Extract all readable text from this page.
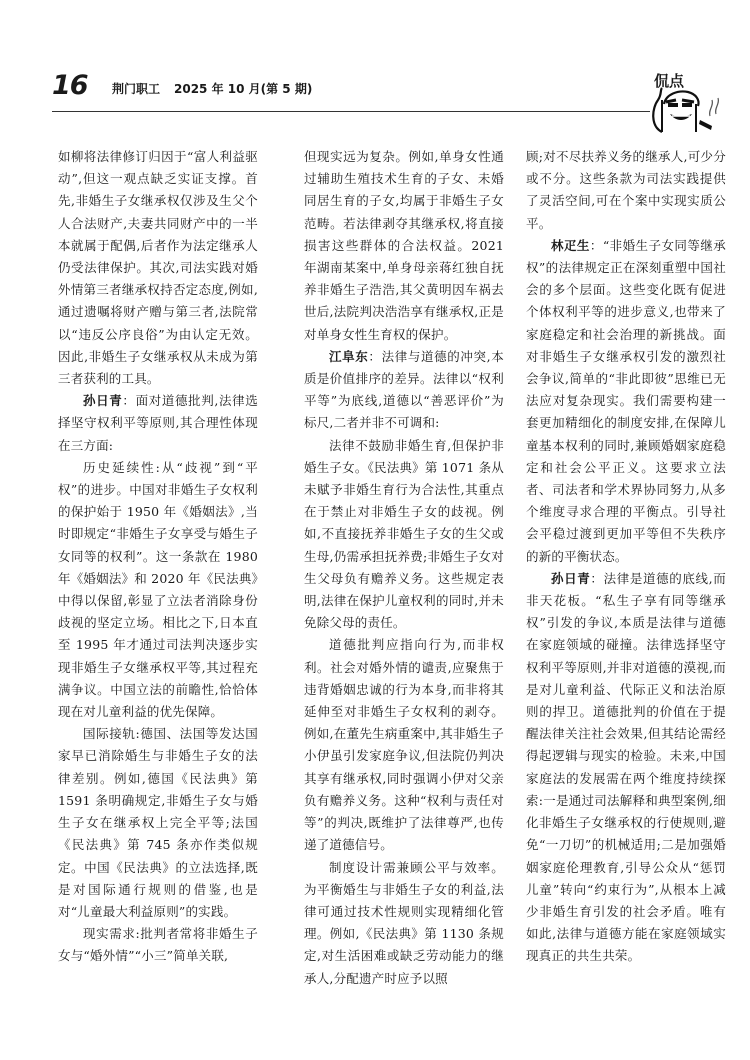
16 荆门职工 2025 年 10 月(第 5 期)	侃点

如柳将法律修订归因于“富人利益驱动”,但这一观点缺乏实证支撑。首先,非婚生子女继承权仅涉及生父个人合法财产,夫妻共同财产中的一半本就属于配偶,后者作为法定继承人仍受法律保护。其次,司法实践对婚外情第三者继承权持否定态度,例如,通过遗嘱将财产赠与第三者,法院常以“违反公序良俗”为由认定无效。因此,非婚生子女继承权从未成为第三者获利的工具。

孙日青 ： 面对道德批判,法律选择坚守权利平等原则,其合理性体现在三方面:

历史延续性:从“歧视”到“平权”的进步。中国对非婚生子女权利的保护始于 1950 年《婚姻法》,当时即规定“非婚生子女享受与婚生子女同等的权利”。这一条款在 1980 年《婚姻法》和 2020 年《民法典》中得以保留,彰显了立法者消除身份歧视的坚定立场。相比之下,日本直至 1995 年才通过司法判决逐步实现非婚生子女继承权平等,其过程充满争议。中国立法的前瞻性,恰恰体现在对儿童利益的优先保障。

国际接轨:德国、法国等发达国家早已消除婚生与非婚生子女的法律差别。例如,德国《民法典》第 1591 条明确规定,非婚生子女与婚生子女在继承权上完全平等;法国《民法典》第 745 条亦作类似规定。中国《民法典》的立法选择,既是对国际通行规则的借鉴,也是对“儿童最大利益原则”的实践。

现实需求:批判者常将非婚生子女与“婚外情”“小三”简单关联,

但现实远为复杂。例如,单身女性通过辅助生殖技术生育的子女、未婚同居生育的子女,均属于非婚生子女范畴。若法律剥夺其继承权,将直接损害这些群体的合法权益。2021 年湖南某案中,单身母亲蒋红独自抚养非婚生子浩浩,其父黄明因车祸去世后,法院判决浩浩享有继承权,正是对单身女性生育权的保护。

江阜东 ： 法律与道德的冲突,本质是价值排序的差异。法律以“权利平等”为底线,道德以“善恶评价”为标尺,二者并非不可调和:

法律不鼓励非婚生育,但保护非婚生子女。《民法典》第 1071 条从未赋予非婚生育行为合法性,其重点在于禁止对非婚生子女的歧视。例如,不直接抚养非婚生子女的生父或生母,仍需承担抚养费;非婚生子女对生父母负有赡养义务。这些规定表明,法律在保护儿童权利的同时,并未免除父母的责任。

道德批判应指向行为,而非权利。社会对婚外情的谴责,应聚焦于违背婚姻忠诚的行为本身,而非将其延伸至对非婚生子女权利的剥夺。例如,在董先生病重案中,其非婚生子小伊虽引发家庭争议,但法院仍判决其享有继承权,同时强调小伊对父亲负有赡养义务。这种“权利与责任对等”的判决,既维护了法律尊严,也传递了道德信号。

制度设计需兼顾公平与效率。为平衡婚生与非婚生子女的利益,法律可通过技术性规则实现精细化管理。例如,《民法典》第 1130 条规定,对生活困难或缺乏劳动能力的继承人,分配遗产时应予以照

顾;对不尽扶养义务的继承人,可少分或不分。这些条款为司法实践提供了灵活空间,可在个案中实现实质公平。

林疋生 ： “非婚生子女同等继承权”的法律规定正在深刻重塑中国社会的多个层面。这些变化既有促进个体权利平等的进步意义,也带来了家庭稳定和社会治理的新挑战。面对非婚生子女继承权引发的激烈社会争议,简单的“非此即彼”思维已无法应对复杂现实。我们需要构建一套更加精细化的制度安排,在保障儿童基本权利的同时,兼顾婚姻家庭稳定和社会公平正义。这要求立法者、司法者和学术界协同努力,从多个维度寻求合理的平衡点。引导社会平稳过渡到更加平等但不失秩序的新的平衡状态。

孙日青 ： 法律是道德的底线,而非天花板。“私生子享有同等继承权”引发的争议,本质是法律与道德在家庭领域的碰撞。法律选择坚守权利平等原则,并非对道德的漠视,而是对儿童利益、代际正义和法治原则的捍卫。道德批判的价值在于提醒法律关注社会效果,但其结论需经得起逻辑与现实的检验。未来,中国家庭法的发展需在两个维度持续探索:一是通过司法解释和典型案例,细化非婚生子女继承权的行使规则,避免“一刀切”的机械适用;二是加强婚姻家庭伦理教育,引导公众从“惩罚儿童”转向“约束行为”,从根本上减少非婚生育引发的社会矛盾。唯有如此,法律与道德方能在家庭领域实现真正的共生共荣。
